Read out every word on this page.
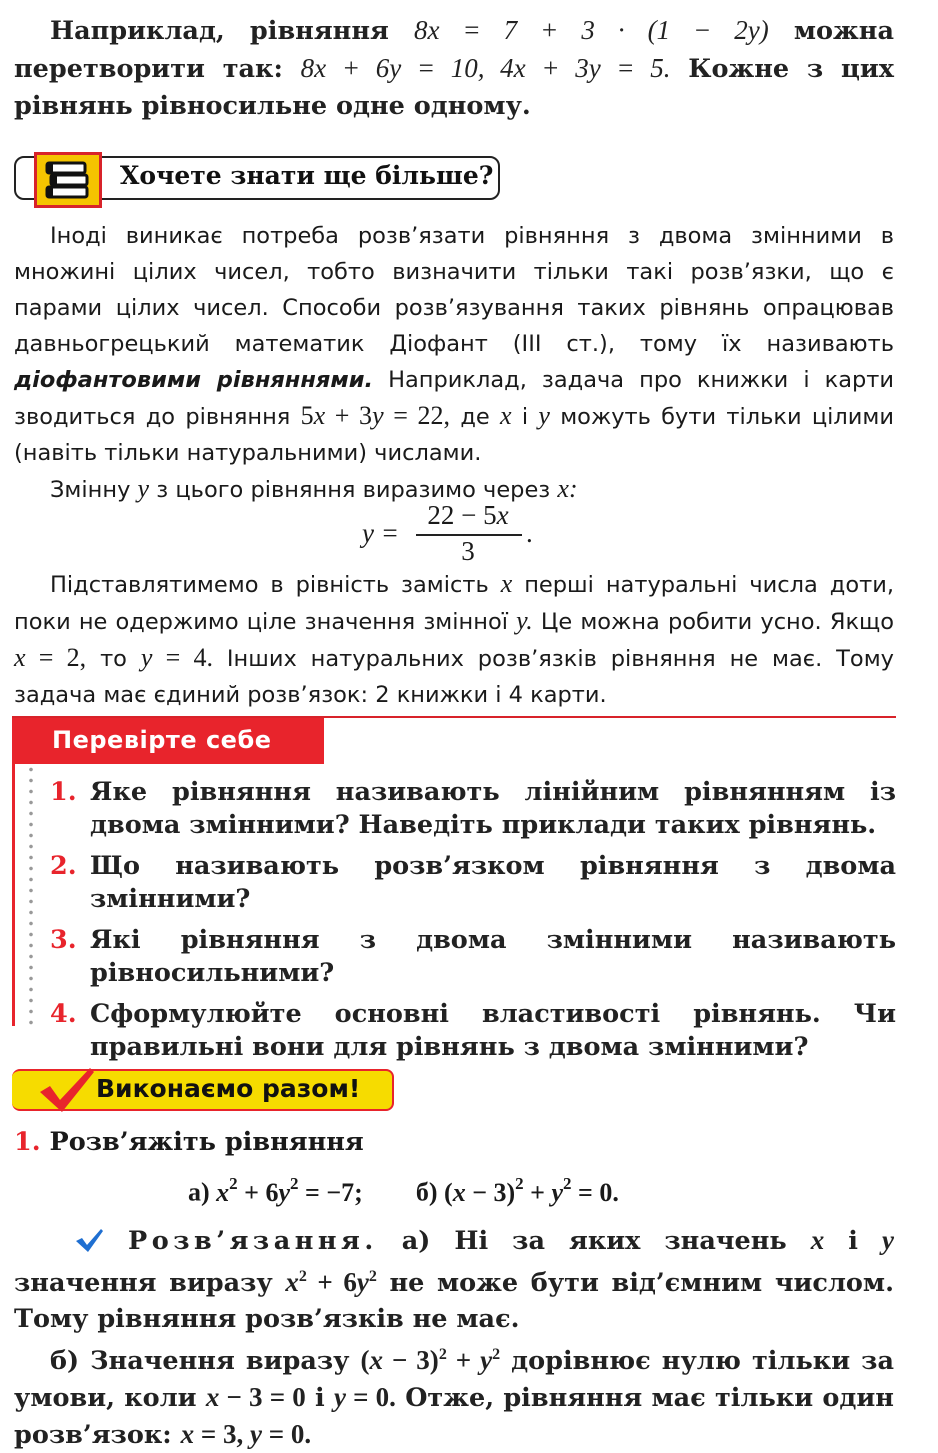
Наприклад, рівняння 8x = 7 + 3 · (1 − 2y) можна перетворити так: 8x + 6y = 10, 4x + 3y = 5. Кожне з цих рівнянь рівносильне одне одному.
Хочете знати ще більше?

Іноді виникає потреба розв’язати рівняння з двома змінними в множині цілих чисел, тобто визначити тільки такі розв’язки, що є парами цілих чисел. Способи розв’язування таких рівнянь опрацював давньогрецький математик Діофант (ІІІ ст.), тому їх називають діофантовими рівняннями. Наприклад, задача про книжки і карти зводиться до рівняння 5x + 3y = 22, де x і y можуть бути тільки цілими (навіть тільки натуральними) числами.

Змінну y з цього рівняння виразимо через x:

y =
22 − 5x
3
.
Підставлятимемо в рівність замість x перші натуральні числа доти, поки не одержимо ціле значення змінної y. Це можна робити усно. Якщо x = 2, то y = 4. Інших натуральних розв’язків рівняння не має. Тому задача має єдиний розв’язок: 2 книжки і 4 карти.
Перевірте себе
1. Яке рівняння називають лінійним рівнянням із двома змінними? Наведіть приклади таких рівнянь.
2. Що називають розв’язком рівняння з двома змінними?
3. Які рівняння з двома змінними називають рівносильними?
4. Сформулюйте основні властивості рівнянь. Чи правильні вони для рівнянь з двома змінними?
Виконаємо разом!
1. Розв’яжіть рівняння
а) $x^2 + 6y^2 = -7$; б) $(x - 3)^2 + y^2 = 0$.

Розв’язання. а) Ні за яких значень x і y значення виразу $x^2 + 6y^2$ не може бути від’ємним числом. Тому рівняння розв’язків не має.

б) Значення виразу $(x - 3)^2 + y^2$ дорівнює нулю тільки за умови, коли x − 3 = 0 і y = 0. Отже, рівняння має тільки один розв’язок: x = 3, y = 0.
